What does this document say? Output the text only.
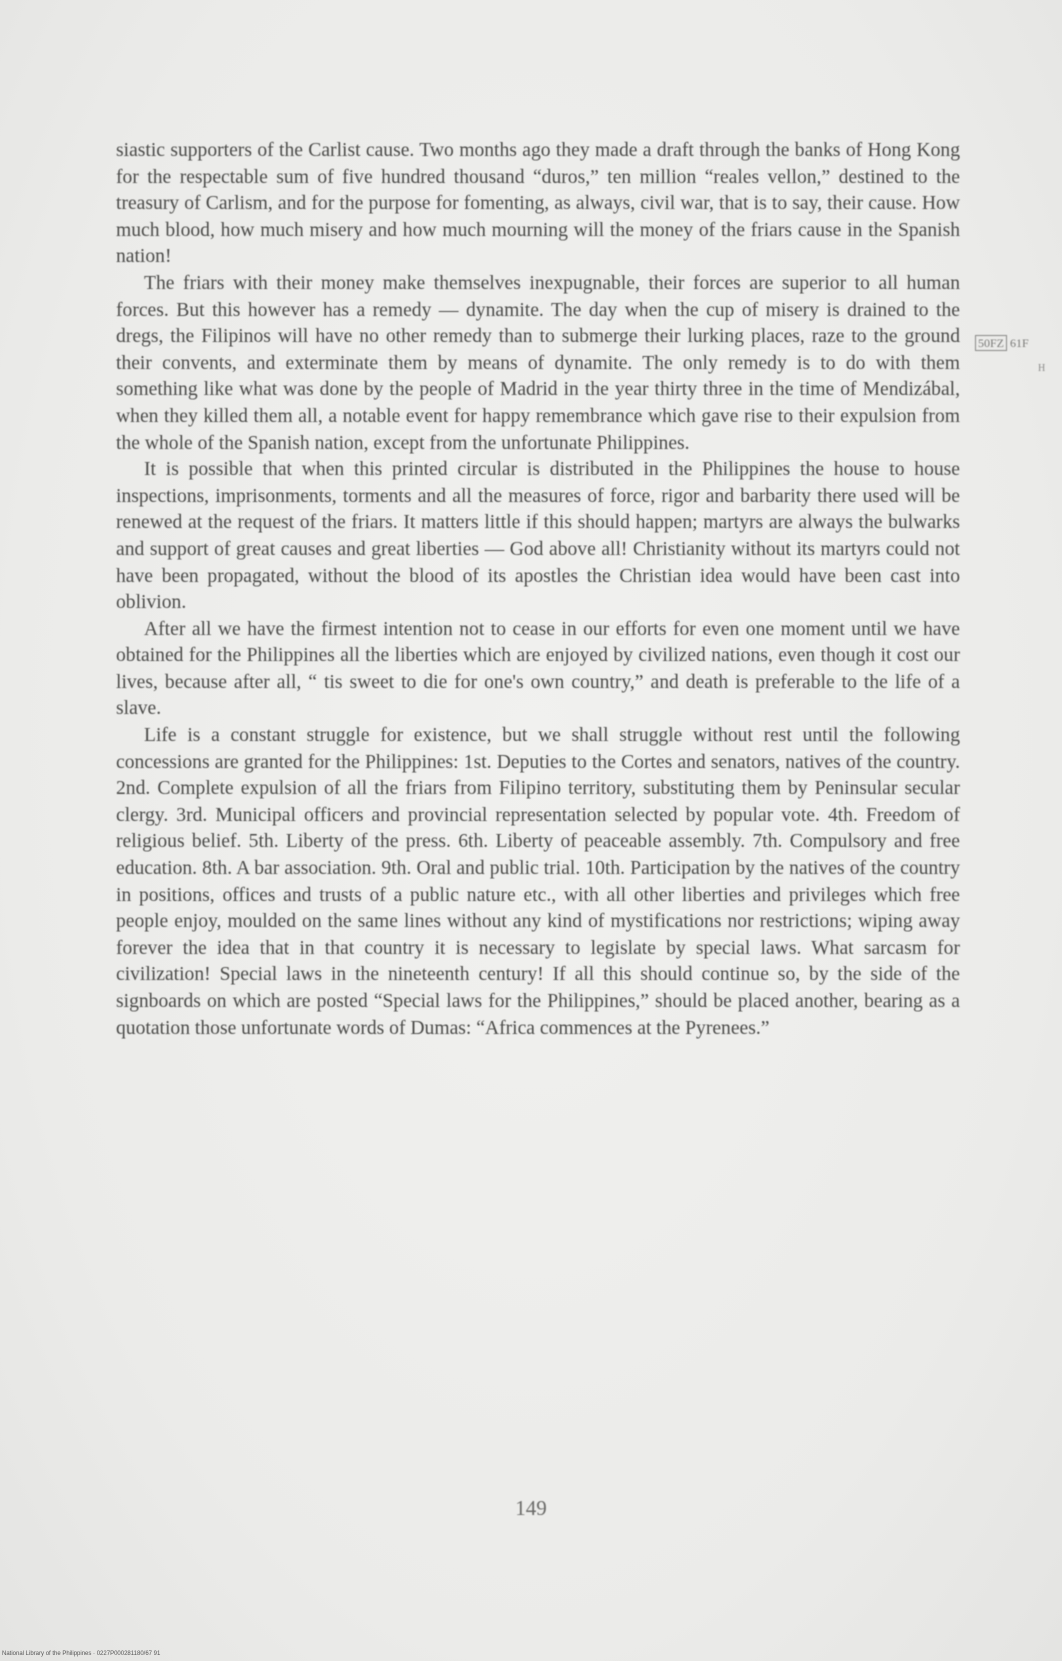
siastic supporters of the Carlist cause. Two months ago they made a draft through the banks of Hong Kong for the respectable sum of five hundred thousand “duros,” ten million “reales vellon,” destined to the treasury of Carlism, and for the purpose for fomenting, as always, civil war, that is to say, their cause. How much blood, how much misery and how much mourning will the money of the friars cause in the Spanish nation!

The friars with their money make themselves inexpugnable, their forces are superior to all human forces. But this however has a remedy — dynamite. The day when the cup of misery is drained to the dregs, the Filipinos will have no other remedy than to submerge their lurking places, raze to the ground their convents, and exterminate them by means of dynamite. The only remedy is to do with them something like what was done by the people of Madrid in the year thirty three in the time of Mendizábal, when they killed them all, a notable event for happy remembrance which gave rise to their expulsion from the whole of the Spanish nation, except from the unfortunate Philippines.

It is possible that when this printed circular is distributed in the Philippines the house to house inspections, imprisonments, torments and all the measures of force, rigor and barbarity there used will be renewed at the request of the friars. It matters little if this should happen; martyrs are always the bulwarks and support of great causes and great liberties — God above all! Christianity without its martyrs could not have been propagated, without the blood of its apostles the Christian idea would have been cast into oblivion.

After all we have the firmest intention not to cease in our efforts for even one moment until we have obtained for the Philippines all the liberties which are enjoyed by civilized nations, even though it cost our lives, because after all, “ tis sweet to die for one's own country,” and death is preferable to the life of a slave.

Life is a constant struggle for existence, but we shall struggle without rest until the following concessions are granted for the Philippines: 1st. Deputies to the Cortes and senators, natives of the country. 2nd. Complete expulsion of all the friars from Filipino territory, substituting them by Peninsular secular clergy. 3rd. Municipal officers and provincial representation selected by popular vote. 4th. Freedom of religious belief. 5th. Liberty of the press. 6th. Liberty of peaceable assembly. 7th. Compulsory and free education. 8th. A bar association. 9th. Oral and public trial. 10th. Participation by the natives of the country in positions, offices and trusts of a public nature etc., with all other liberties and privileges which free people enjoy, moulded on the same lines without any kind of mystifications nor restrictions; wiping away forever the idea that in that country it is necessary to legislate by special laws. What sarcasm for civilization! Special laws in the nineteenth century! If all this should continue so, by the side of the signboards on which are posted “Special laws for the Philippines,” should be placed another, bearing as a quotation those unfortunate words of Dumas: “Africa commences at the Pyrenees.”

50FZ 61F
H
149
National Library of the Philippines · 0227P000281180/67 91
